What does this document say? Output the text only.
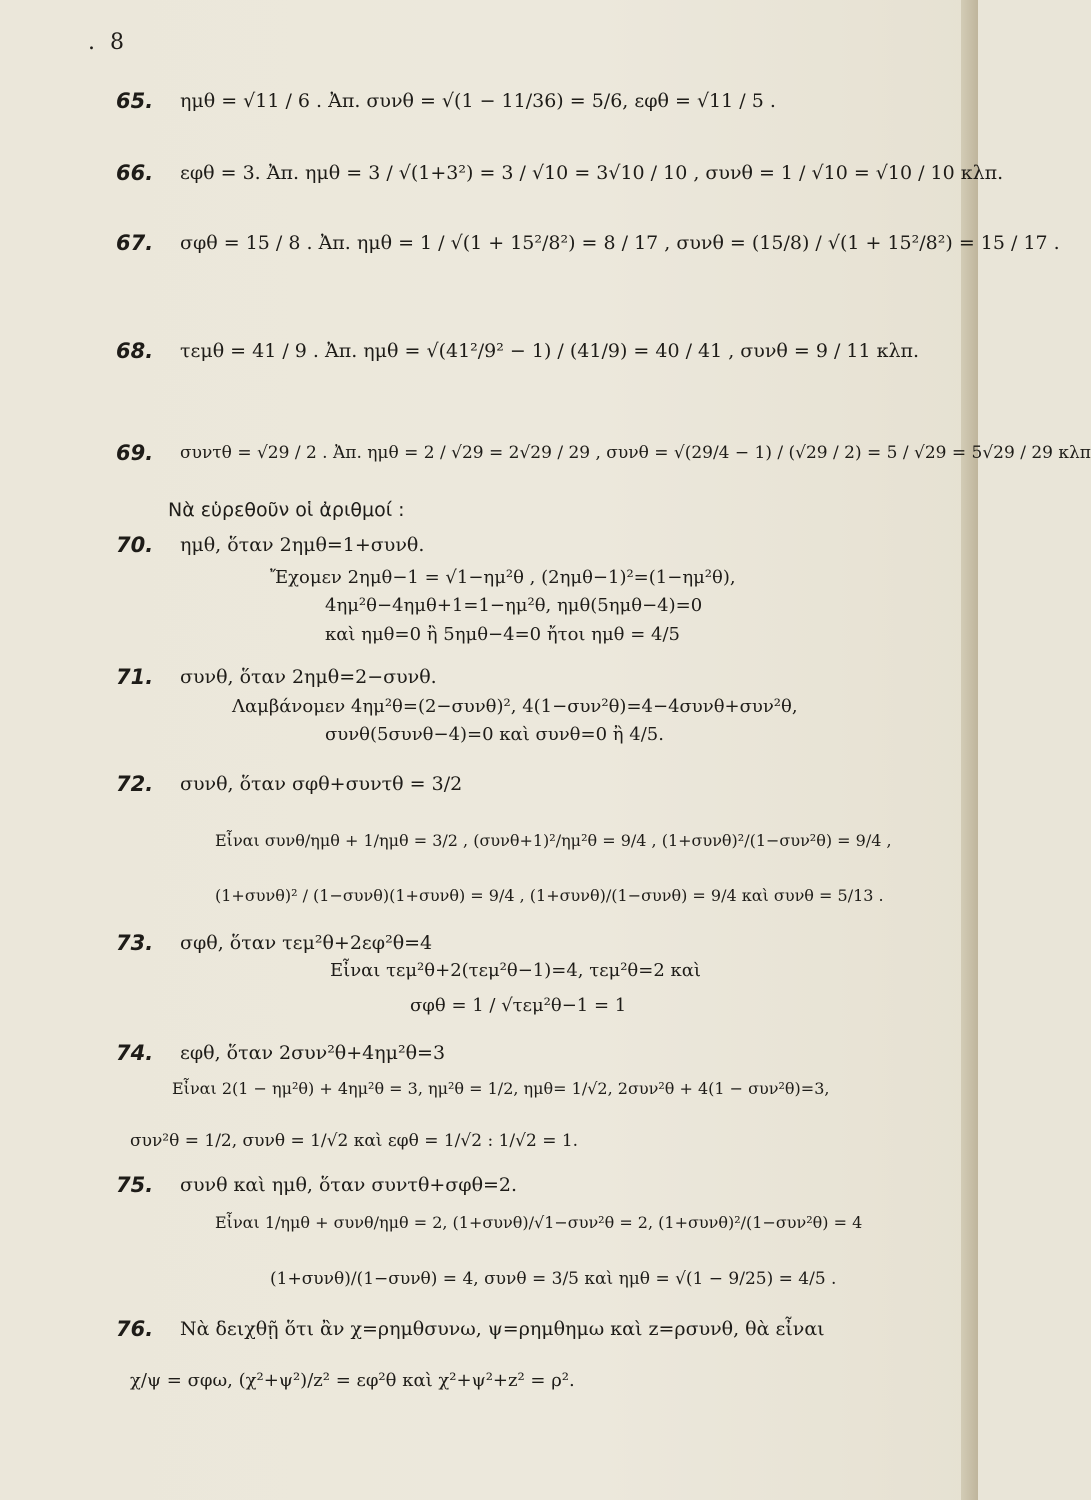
. 8
65. ημθ = √11 / 6 . Ἀπ. συνθ = √(1 − 11/36) = 5/6, εφθ = √11 / 5 .
66. εφθ = 3. Ἀπ. ημθ = 3 / √(1+3²) = 3 / √10 = 3√10 / 10 , συνθ = 1 / √10 = √10 / 10 κλπ.
67. σφθ = 15 / 8 . Ἀπ. ημθ = 1 / √(1 + 15²/8²) = 8 / 17 , συνθ = (15/8) / √(1 + 15²/8²) = 15 / 17 .
68. τεμθ = 41 / 9 . Ἀπ. ημθ = √(41²/9² − 1) / (41/9) = 40 / 41 , συνθ = 9 / 11 κλπ.
69. συντθ = √29 / 2 . Ἀπ. ημθ = 2 / √29 = 2√29 / 29 , συνθ = √(29/4 − 1) / (√29 / 2) = 5 / √29 = 5√29 / 29 κλπ
Νὰ εὑρεθοῦν οἱ ἀριθμοί :
70. ημθ, ὅταν 2ημθ=1+συνθ.
Ἔχομεν 2ημθ−1 = √1−ημ²θ , (2ημθ−1)²=(1−ημ²θ),
4ημ²θ−4ημθ+1=1−ημ²θ, ημθ(5ημθ−4)=0
καὶ ημθ=0 ἢ 5ημθ−4=0 ἤτοι ημθ = 4/5
71. συνθ, ὅταν 2ημθ=2−συνθ.
Λαμβάνομεν 4ημ²θ=(2−συνθ)², 4(1−συν²θ)=4−4συνθ+συν²θ,
συνθ(5συνθ−4)=0 καὶ συνθ=0 ἢ 4/5.
72. συνθ, ὅταν σφθ+συντθ = 3/2
Εἶναι συνθ/ημθ + 1/ημθ = 3/2 , (συνθ+1)²/ημ²θ = 9/4 , (1+συνθ)²/(1−συν²θ) = 9/4 ,
(1+συνθ)² / (1−συνθ)(1+συνθ) = 9/4 , (1+συνθ)/(1−συνθ) = 9/4 καὶ συνθ = 5/13 .
73. σφθ, ὅταν τεμ²θ+2εφ²θ=4
Εἶναι τεμ²θ+2(τεμ²θ−1)=4, τεμ²θ=2 καὶ
σφθ = 1 / √τεμ²θ−1 = 1
74. εφθ, ὅταν 2συν²θ+4ημ²θ=3
Εἶναι 2(1 − ημ²θ) + 4ημ²θ = 3, ημ²θ = 1/2, ημθ= 1/√2, 2συν²θ + 4(1 − συν²θ)=3,
συν²θ = 1/2, συνθ = 1/√2 καὶ εφθ = 1/√2 : 1/√2 = 1.
75. συνθ καὶ ημθ, ὅταν συντθ+σφθ=2.
Εἶναι 1/ημθ + συνθ/ημθ = 2, (1+συνθ)/√1−συν²θ = 2, (1+συνθ)²/(1−συν²θ) = 4
(1+συνθ)/(1−συνθ) = 4, συνθ = 3/5 καὶ ημθ = √(1 − 9/25) = 4/5 .
76. Νὰ δειχθῇ ὅτι ἂν χ=ρημθσυνω, ψ=ρημθημω καὶ z=ρσυνθ, θὰ εἶναι
χ/ψ = σφω, (χ²+ψ²)/z² = εφ²θ καὶ χ²+ψ²+z² = ρ².
